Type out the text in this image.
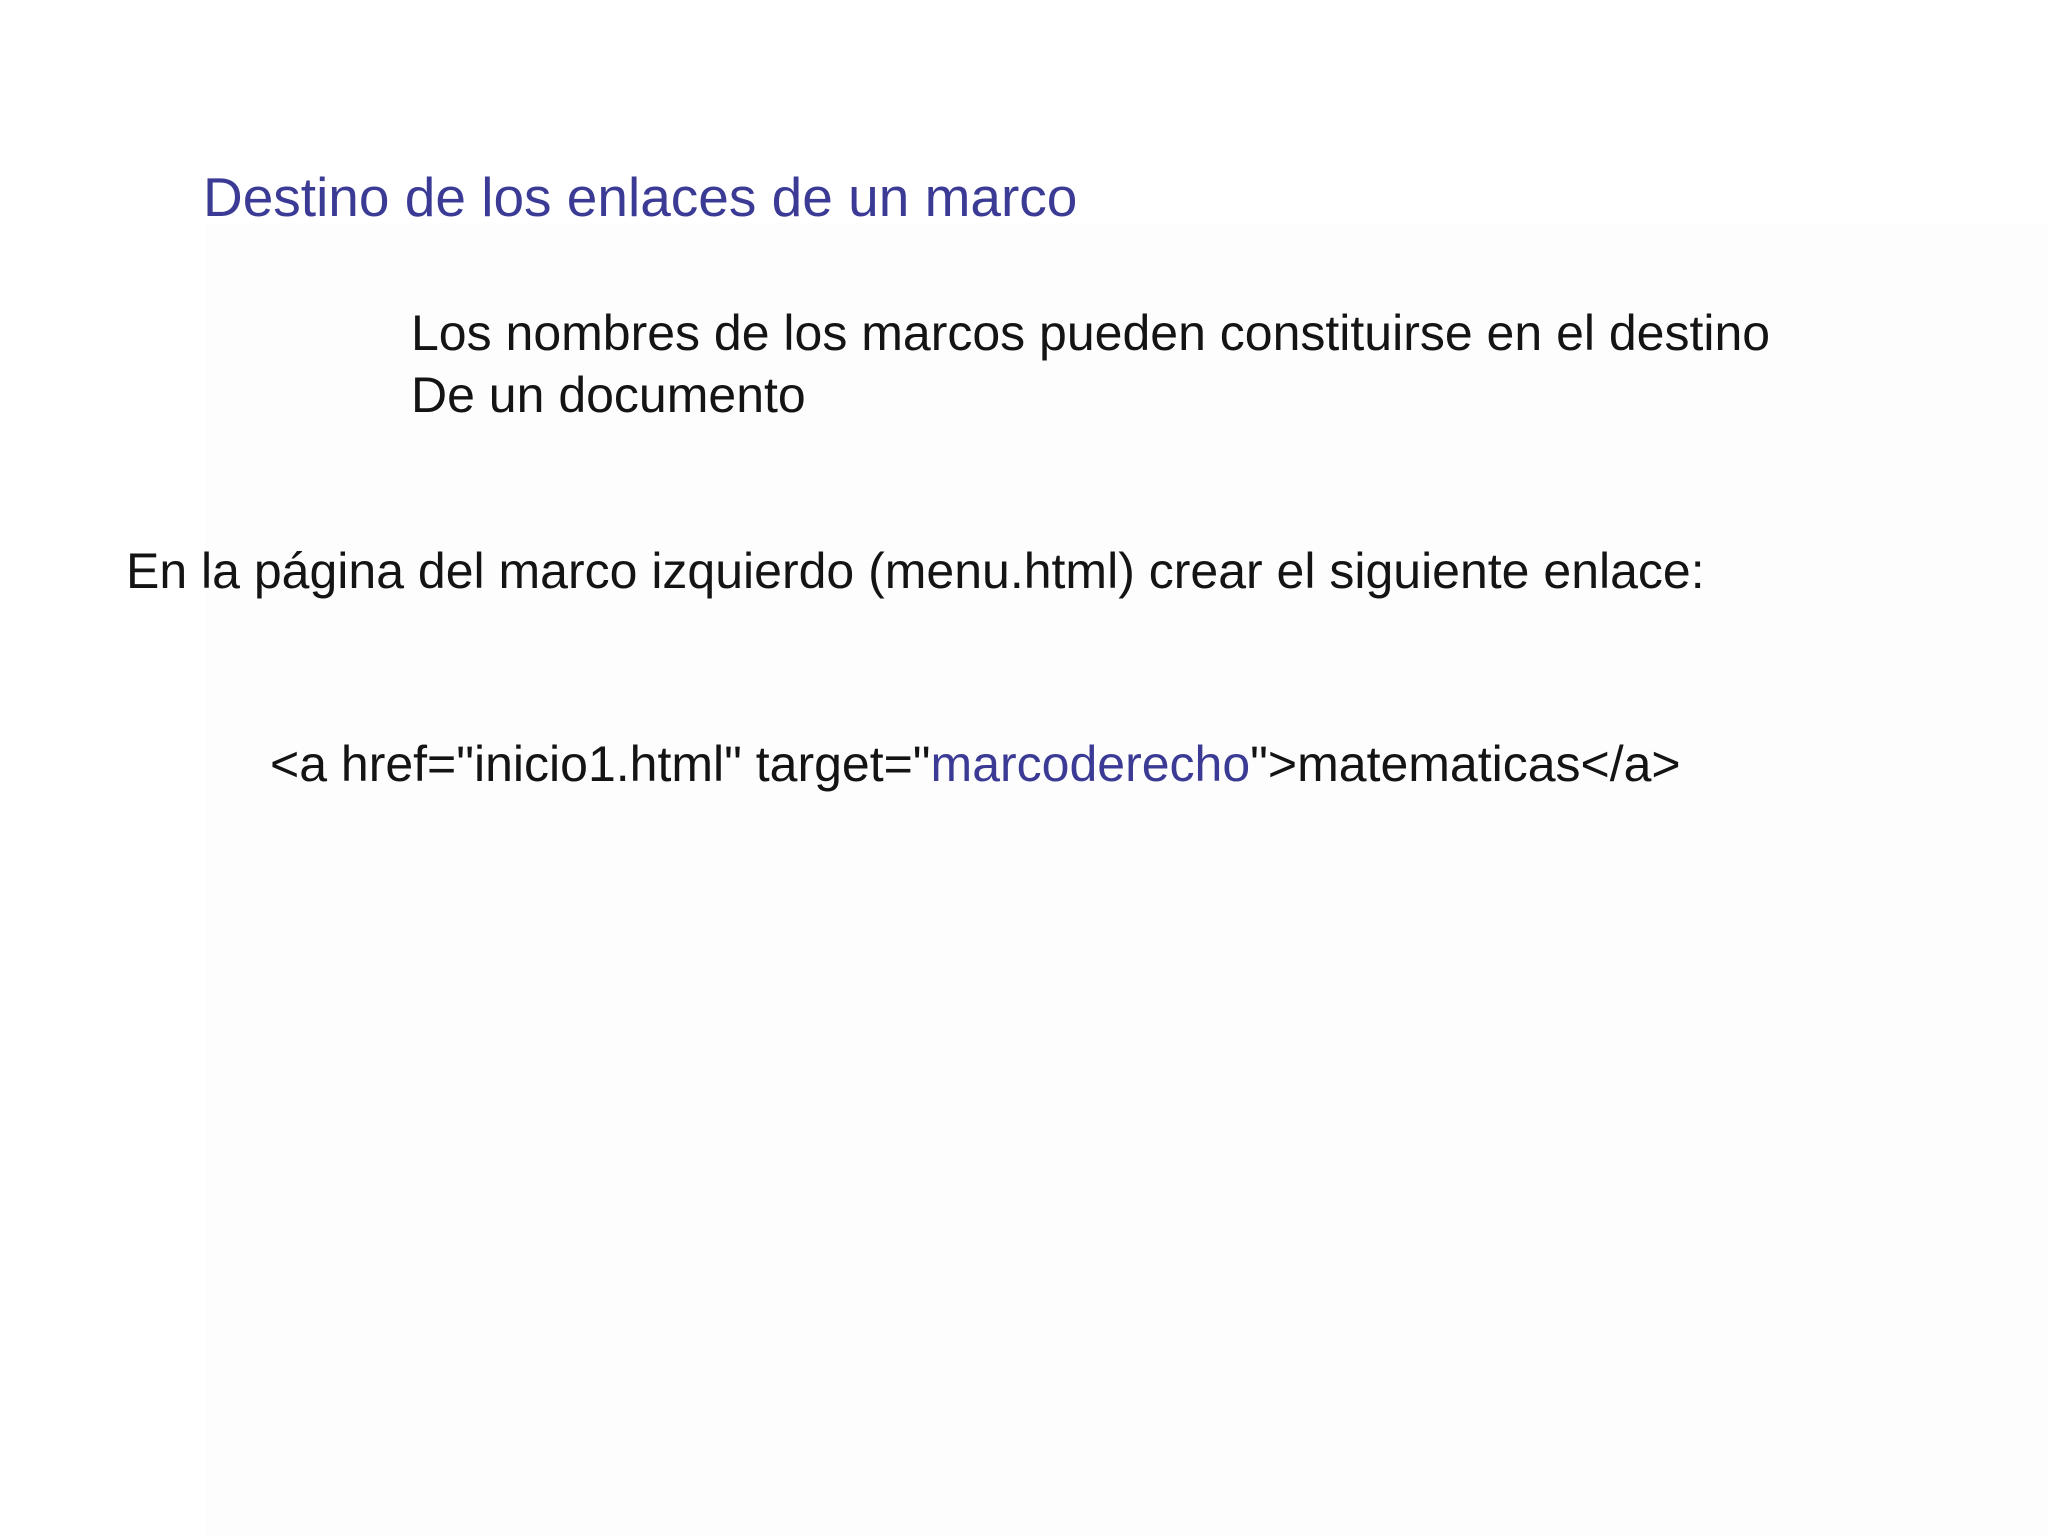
Destino de los enlaces de un marco

Los nombres de los marcos pueden constituirse en el destino
De un documento

En la página del marco izquierdo (menu.html) crear el siguiente enlace:

<a href="inicio1.html" target="marcoderecho">matematicas</a>
